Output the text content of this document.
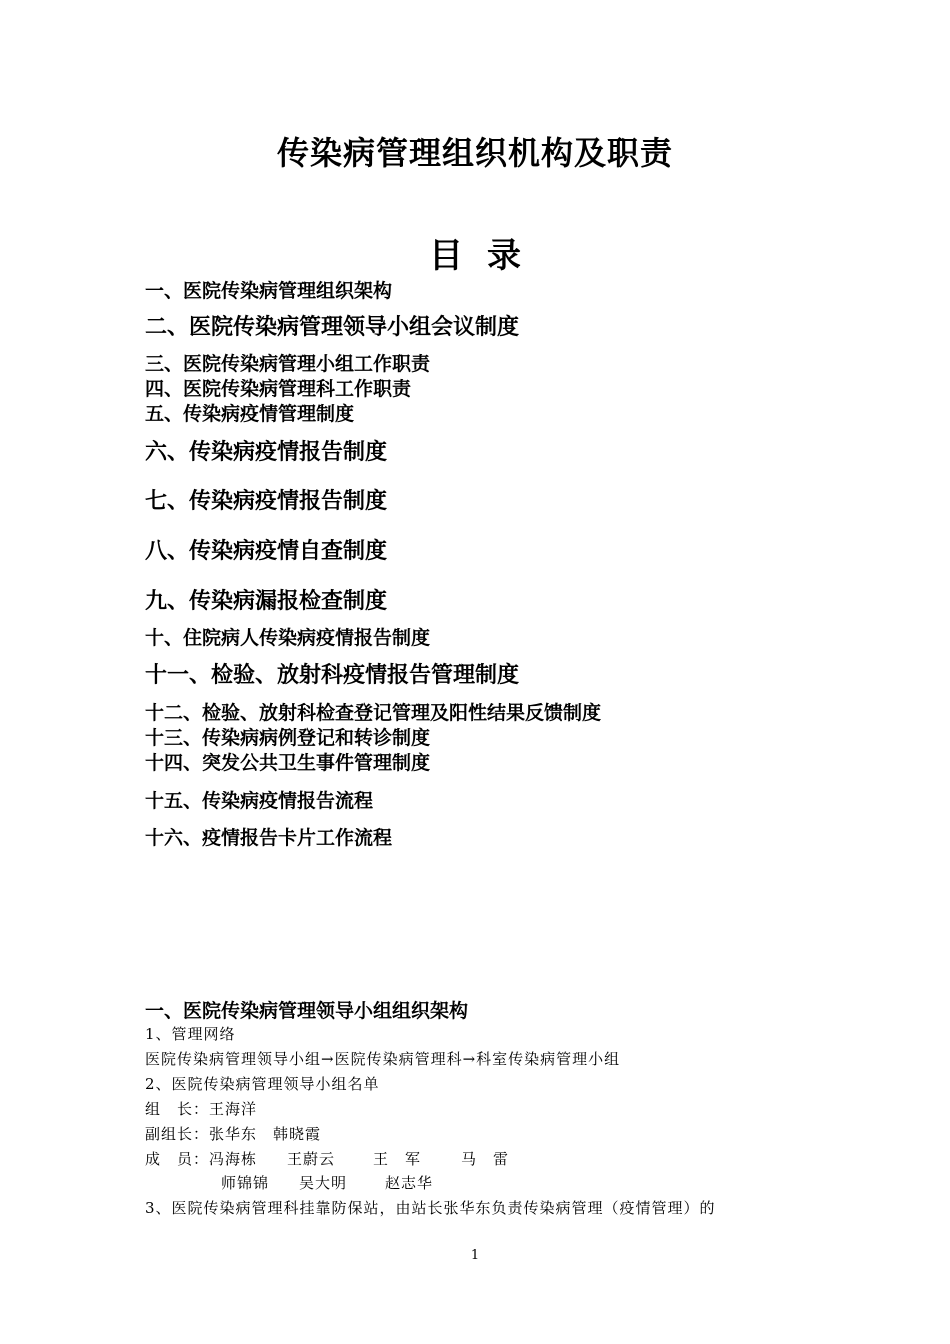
传染病管理组织机构及职责
目 录
一、医院传染病管理组织架构
二、医院传染病管理领导小组会议制度
三、医院传染病管理小组工作职责
四、医院传染病管理科工作职责
五、传染病疫情管理制度
六、传染病疫情报告制度
七、传染病疫情报告制度
八、传染病疫情自查制度
九、传染病漏报检查制度
十、住院病人传染病疫情报告制度
十一、检验、放射科疫情报告管理制度
十二、检验、放射科检查登记管理及阳性结果反馈制度
十三、传染病病例登记和转诊制度
十四、突发公共卫生事件管理制度
十五、传染病疫情报告流程
十六、疫情报告卡片工作流程
一、医院传染病管理领导小组组织架构
1、管理网络
医院传染病管理领导小组→医院传染病管理科→科室传染病管理小组
2、医院传染病管理领导小组名单
组　长：王海洋
副组长：张华东　韩晓霞
成　员：冯海栋 王蔚云	王　军	马　雷
师锦锦 吴大明	赵志华
3、医院传染病管理科挂靠防保站，由站长张华东负责传染病管理（疫情管理）的
1
